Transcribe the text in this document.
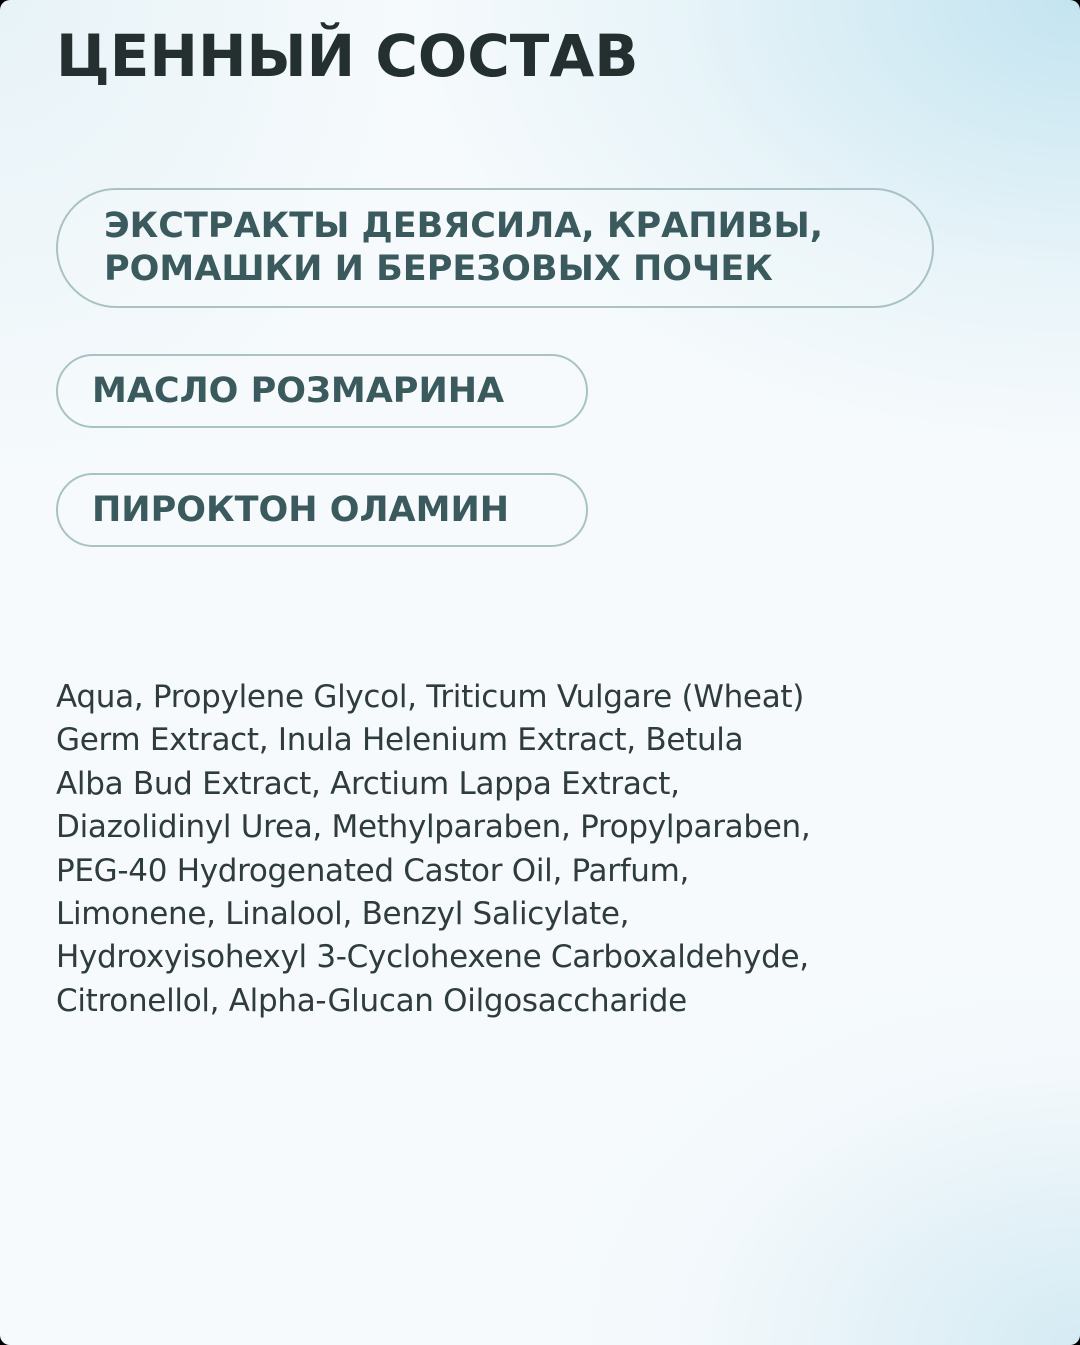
ЦЕННЫЙ СОСТАВ
ЭКСТРАКТЫ ДЕВЯСИЛА, КРАПИВЫ,
РОМАШКИ И БЕРЕЗОВЫХ ПОЧЕК
МАСЛО РОЗМАРИНА
ПИРОКТОН ОЛАМИН

Aqua, Propylene Glycol, Triticum Vulgare (Wheat)
Germ Extract, Inula Helenium Extract, Betula
Alba Bud Extract, Arctium Lappa Extract,
Diazolidinyl Urea, Methylparaben, Propylparaben,
PEG-40 Hydrogenated Castor Oil, Parfum,
Limonene, Linalool, Benzyl Salicylate,
Hydroxyisohexyl 3-Cyclohexene Carboxaldehyde,
Citronellol, Alpha-Glucan Oilgosaccharide
